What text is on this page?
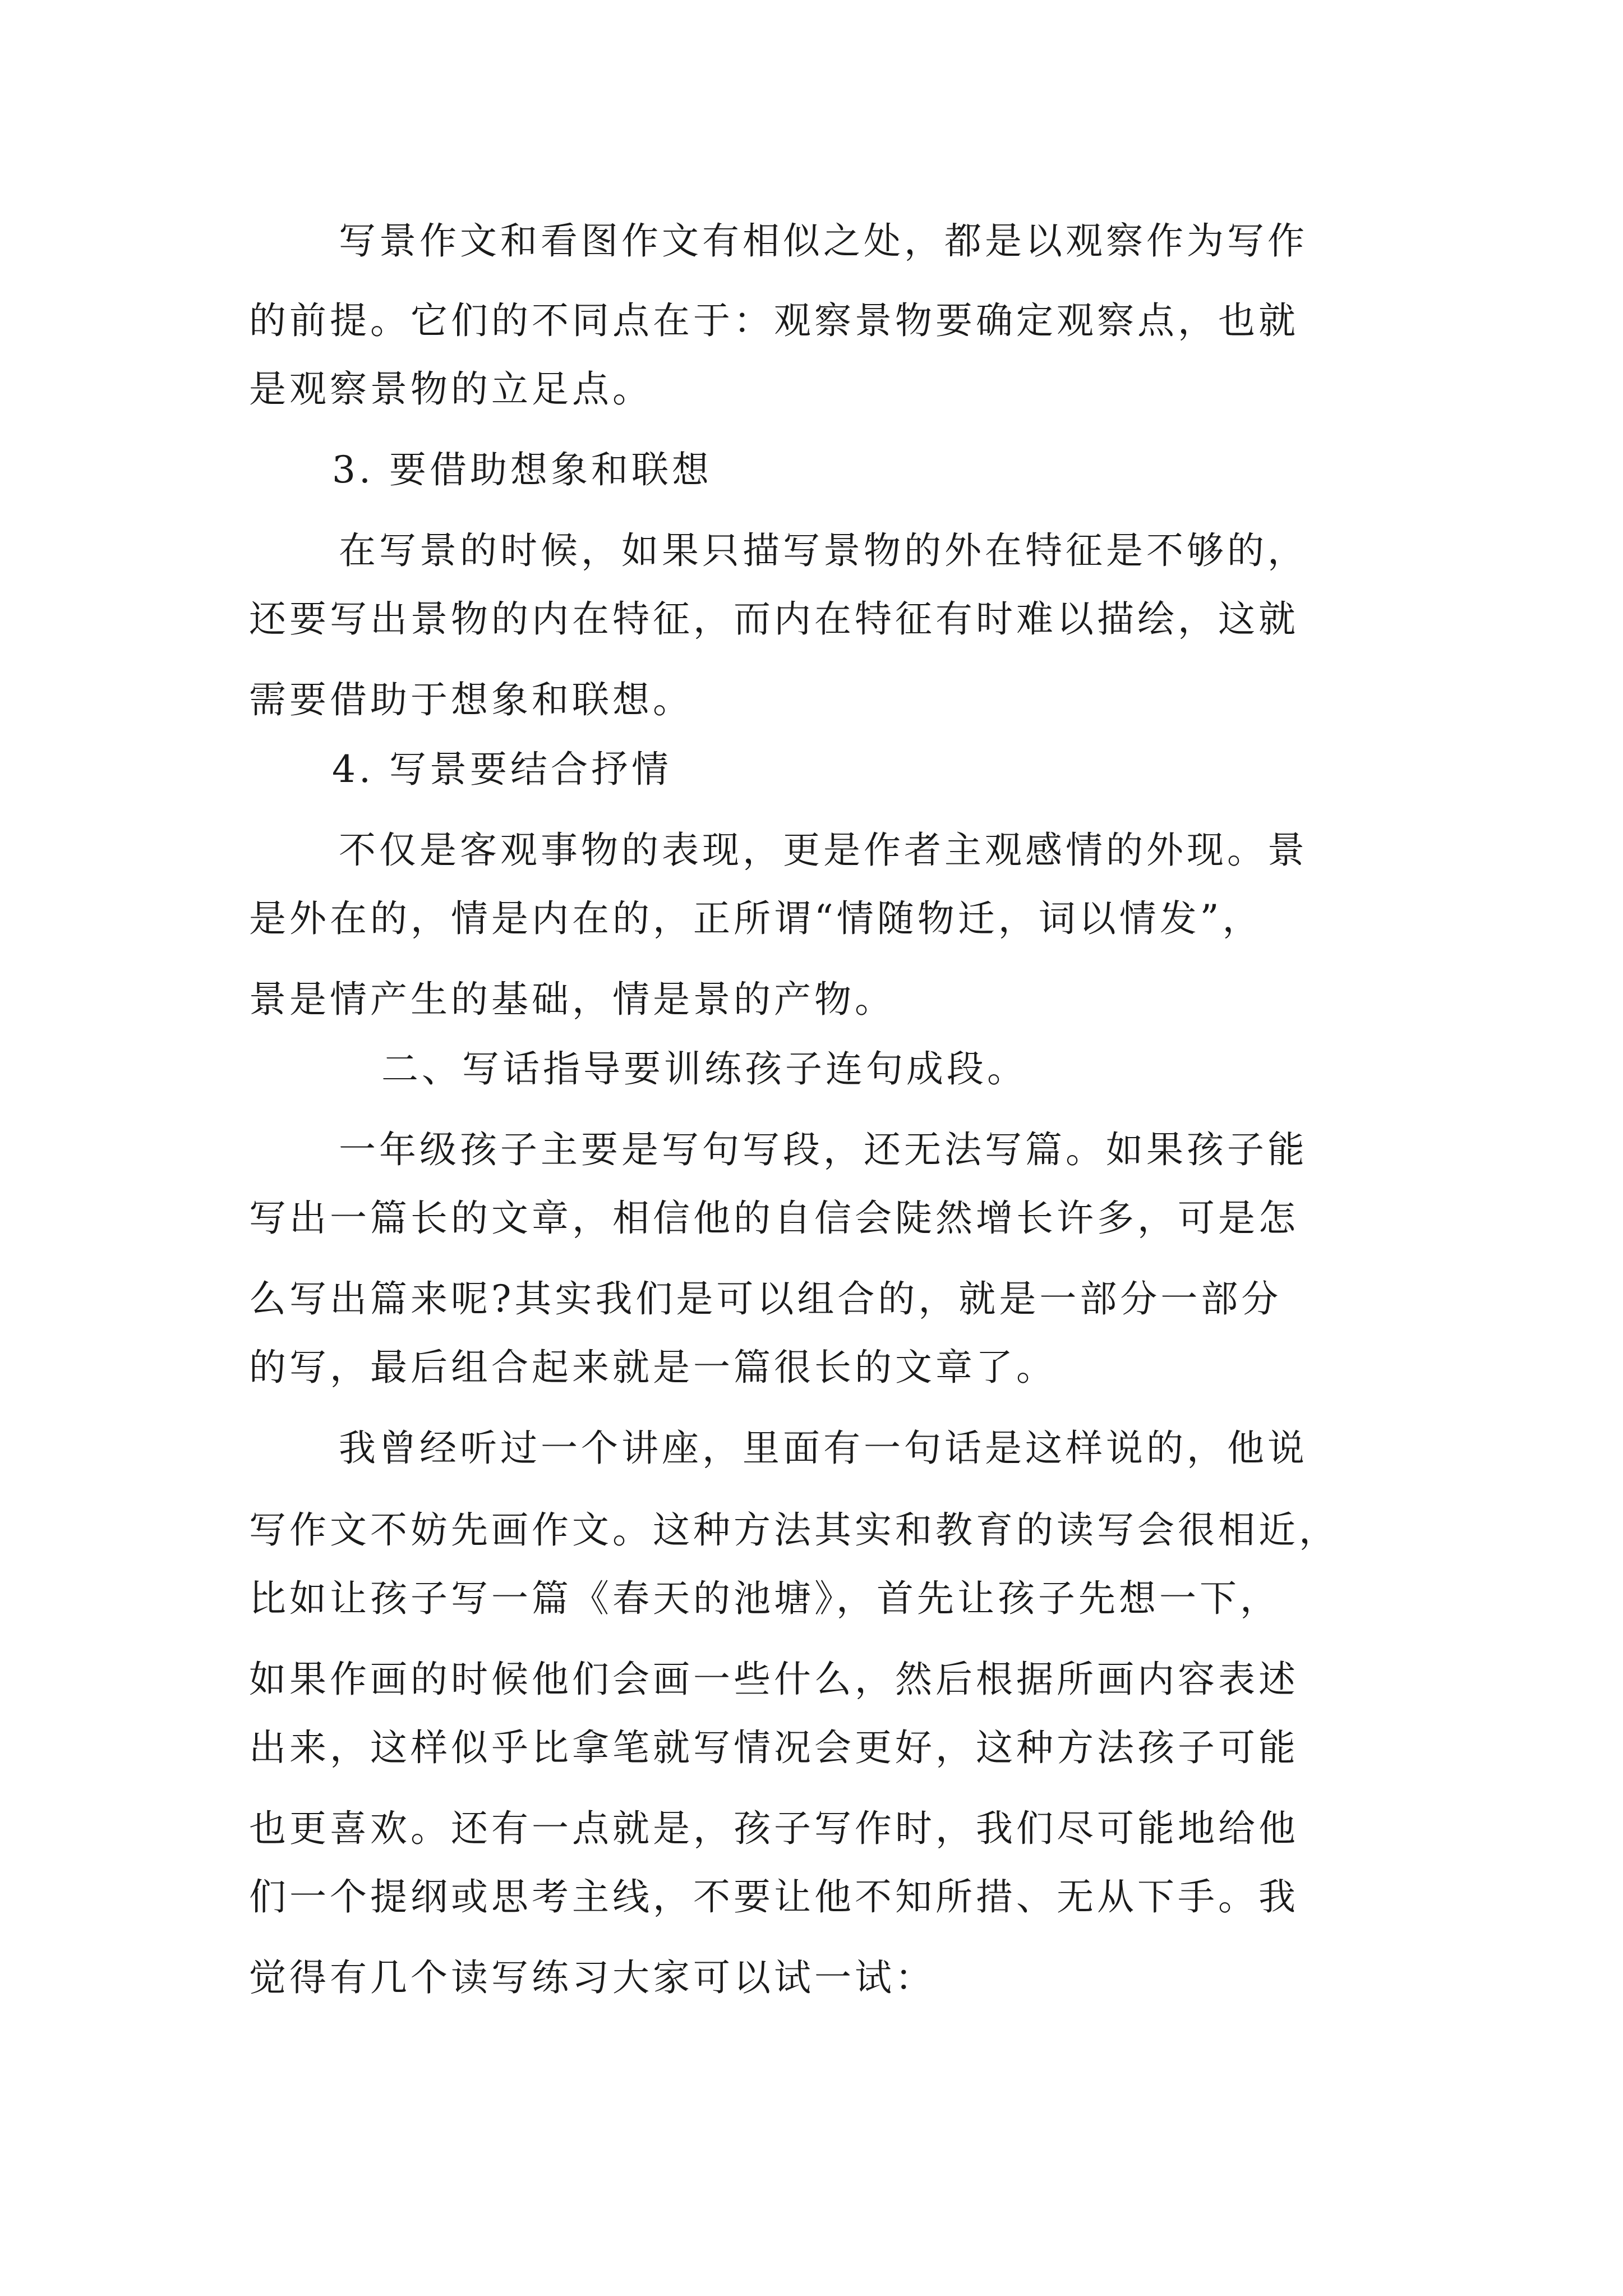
写景作文和看图作文有相似之处，都是以观察作为写作
的前提。它们的不同点在于：观察景物要确定观察点，也就
是观察景物的立足点。
3. 要借助想象和联想
在写景的时候，如果只描写景物的外在特征是不够的，
还要写出景物的内在特征，而内在特征有时难以描绘，这就
需要借助于想象和联想。
4. 写景要结合抒情
不仅是客观事物的表现，更是作者主观感情的外现。景
是外在的，情是内在的，正所谓“情随物迁，词以情发”，
景是情产生的基础，情是景的产物。
二、写话指导要训练孩子连句成段。
一年级孩子主要是写句写段，还无法写篇。如果孩子能
写出一篇长的文章，相信他的自信会陡然增长许多，可是怎
么写出篇来呢?其实我们是可以组合的，就是一部分一部分
的写，最后组合起来就是一篇很长的文章了。
我曾经听过一个讲座，里面有一句话是这样说的，他说
写作文不妨先画作文。这种方法其实和教育的读写会很相近，
比如让孩子写一篇《春天的池塘》，首先让孩子先想一下，
如果作画的时候他们会画一些什么，然后根据所画内容表述
出来，这样似乎比拿笔就写情况会更好，这种方法孩子可能
也更喜欢。还有一点就是，孩子写作时，我们尽可能地给他
们一个提纲或思考主线，不要让他不知所措、无从下手。我
觉得有几个读写练习大家可以试一试：
